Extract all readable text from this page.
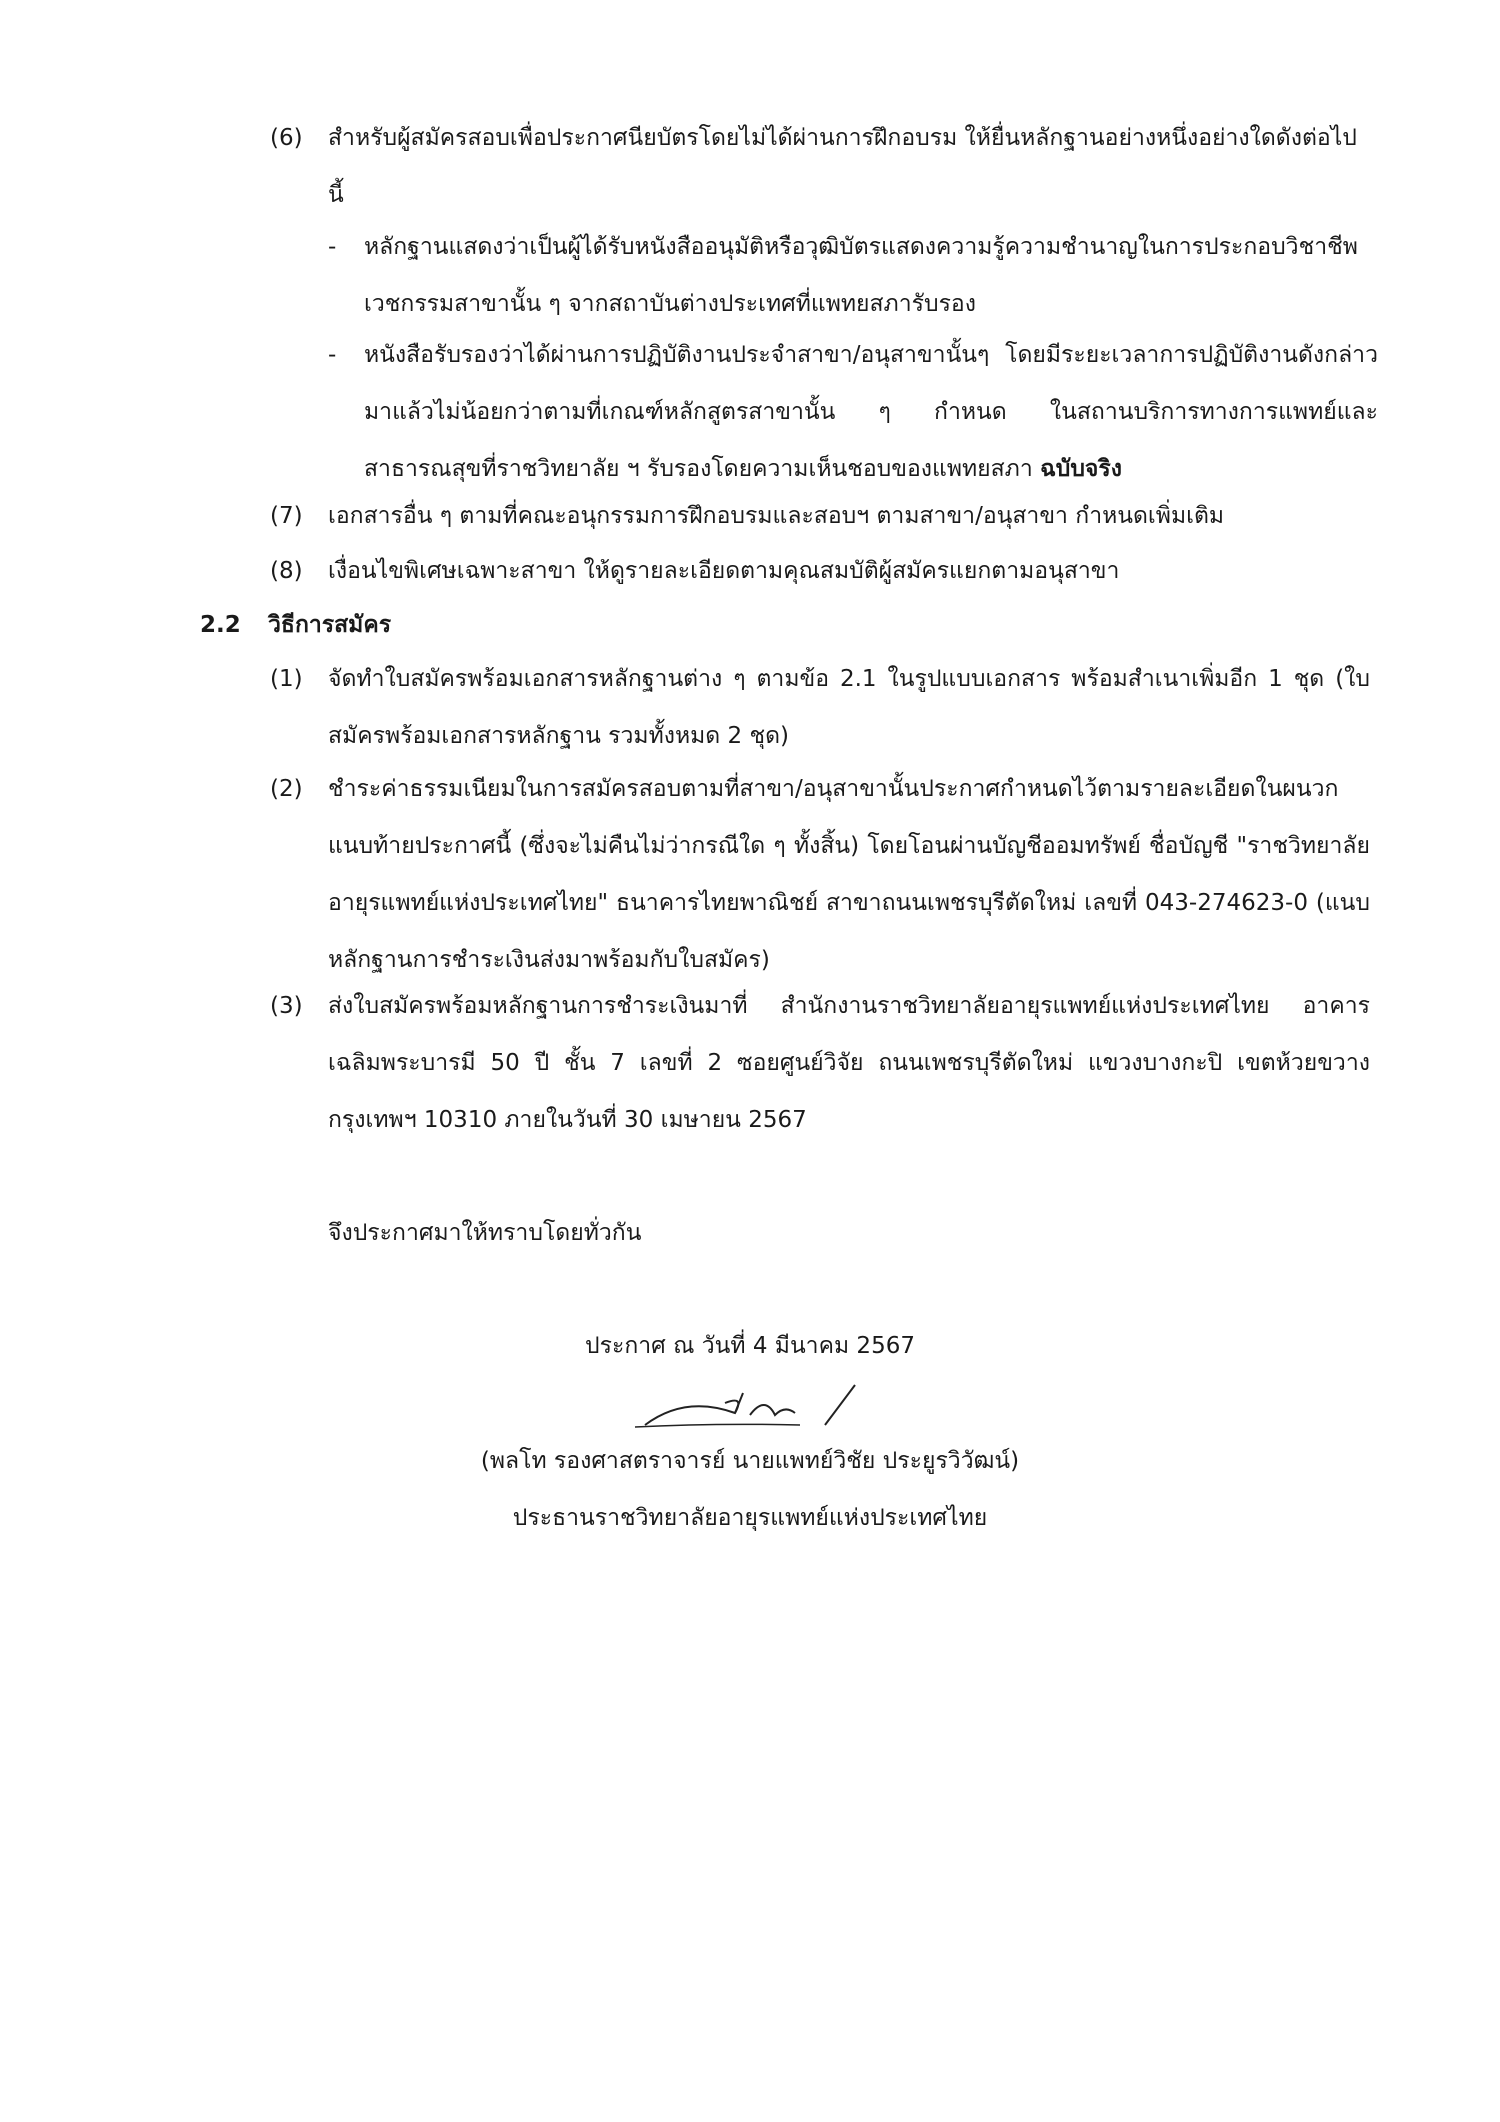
(6)	สำหรับผู้สมัครสอบเพื่อประกาศนียบัตรโดยไม่ได้ผ่านการฝึกอบรม ให้ยื่นหลักฐานอย่างหนึ่งอย่างใดดังต่อไปนี้
- หลักฐานแสดงว่าเป็นผู้ได้รับหนังสืออนุมัติหรือวุฒิบัตรแสดงความรู้ความชำนาญในการประกอบวิชาชีพเวชกรรมสาขานั้น ๆ จากสถาบันต่างประเทศที่แพทยสภารับรอง
- หนังสือรับรองว่าได้ผ่านการปฏิบัติงานประจำสาขา/อนุสาขานั้นๆ โดยมีระยะเวลาการปฏิบัติงานดังกล่าวมาแล้วไม่น้อยกว่าตามที่เกณฑ์หลักสูตรสาขานั้น ๆ กำหนด ในสถานบริการทางการแพทย์และสาธารณสุขที่ราชวิทยาลัย ฯ รับรองโดยความเห็นชอบของแพทยสภา ฉบับจริง
(7)	เอกสารอื่น ๆ ตามที่คณะอนุกรรมการฝึกอบรมและสอบฯ ตามสาขา/อนุสาขา กำหนดเพิ่มเติม
(8)	เงื่อนไขพิเศษเฉพาะสาขา ให้ดูรายละเอียดตามคุณสมบัติผู้สมัครแยกตามอนุสาขา
2.2 วิธีการสมัคร
(1)	จัดทำใบสมัครพร้อมเอกสารหลักฐานต่าง ๆ ตามข้อ 2.1 ในรูปแบบเอกสาร พร้อมสำเนาเพิ่มอีก 1 ชุด (ใบสมัครพร้อมเอกสารหลักฐาน รวมทั้งหมด 2 ชุด)
(2)	ชำระค่าธรรมเนียมในการสมัครสอบตามที่สาขา/อนุสาขานั้นประกาศกำหนดไว้ตามรายละเอียดในผนวกแนบท้ายประกาศนี้ (ซึ่งจะไม่คืนไม่ว่ากรณีใด ๆ ทั้งสิ้น) โดยโอนผ่านบัญชีออมทรัพย์ ชื่อบัญชี "ราชวิทยาลัยอายุรแพทย์แห่งประเทศไทย" ธนาคารไทยพาณิชย์ สาขาถนนเพชรบุรีตัดใหม่ เลขที่ 043-274623-0 (แนบหลักฐานการชำระเงินส่งมาพร้อมกับใบสมัคร)
(3)	ส่งใบสมัครพร้อมหลักฐานการชำระเงินมาที่ สำนักงานราชวิทยาลัยอายุรแพทย์แห่งประเทศไทย อาคารเฉลิมพระบารมี 50 ปี ชั้น 7 เลขที่ 2 ซอยศูนย์วิจัย ถนนเพชรบุรีตัดใหม่ แขวงบางกะปิ เขตห้วยขวาง กรุงเทพฯ 10310 ภายในวันที่ 30 เมษายน 2567
จึงประกาศมาให้ทราบโดยทั่วกัน
ประกาศ ณ วันที่ 4 มีนาคม 2567
(พลโท รองศาสตราจารย์ นายแพทย์วิชัย ประยูรวิวัฒน์)
ประธานราชวิทยาลัยอายุรแพทย์แห่งประเทศไทย
